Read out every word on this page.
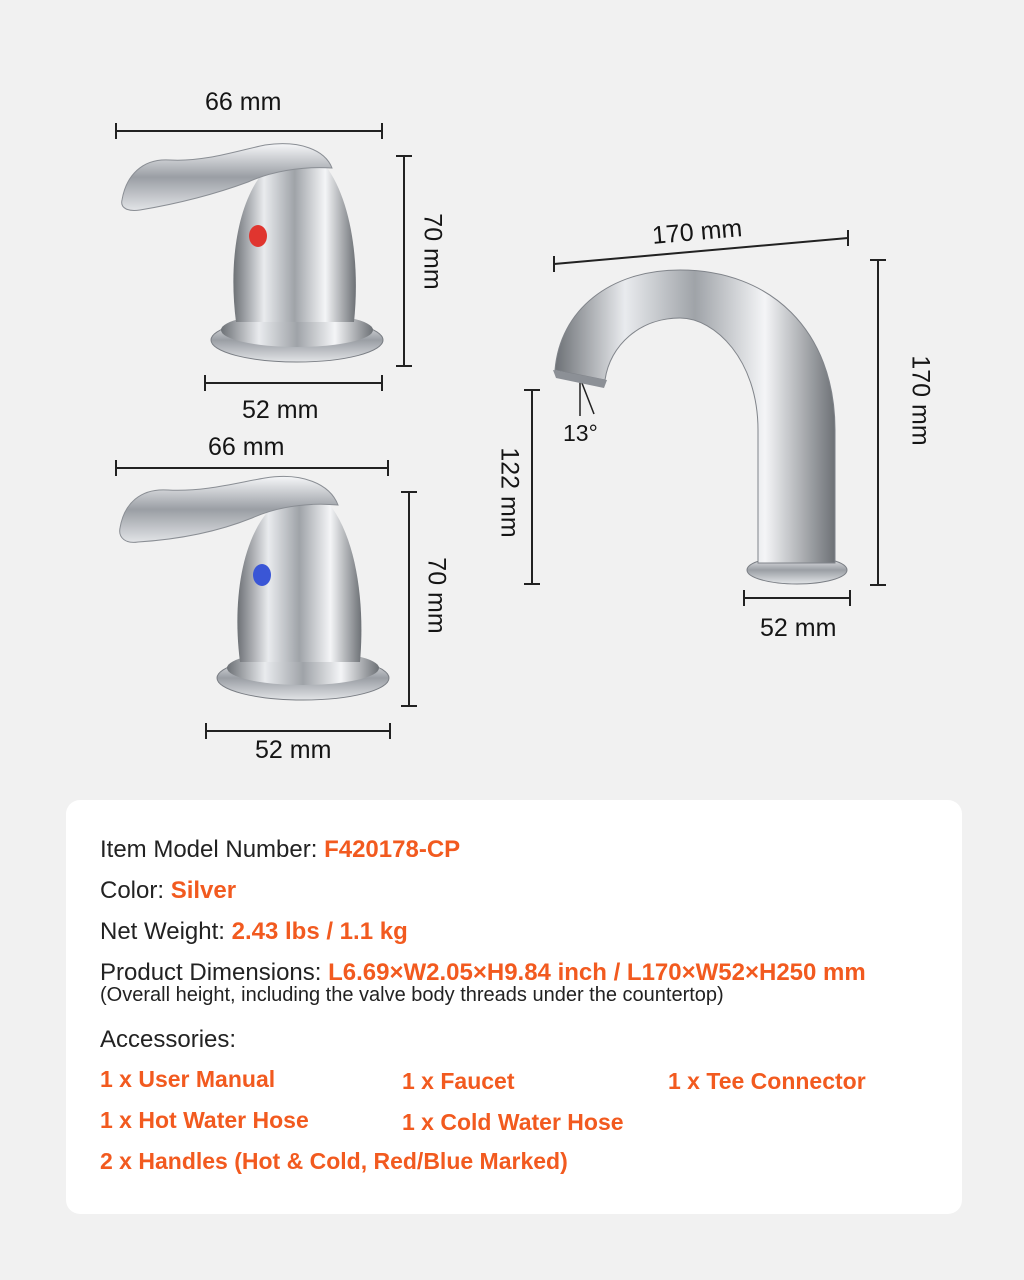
66 mm
70 mm
52 mm
66 mm
70 mm
52 mm
170 mm
170 mm
122 mm
52 mm
13°
Item Model Number: F420178-CP
Color: Silver
Net Weight: 2.43 lbs / 1.1 kg
Product Dimensions: L6.69×W2.05×H9.84 inch / L170×W52×H250 mm
(Overall height, including the valve body threads under the countertop)
Accessories:
1 x User Manual	1 x Faucet	1 x Tee Connector
1 x Hot Water Hose	1 x Cold Water Hose
2 x Handles (Hot & Cold, Red/Blue Marked)
